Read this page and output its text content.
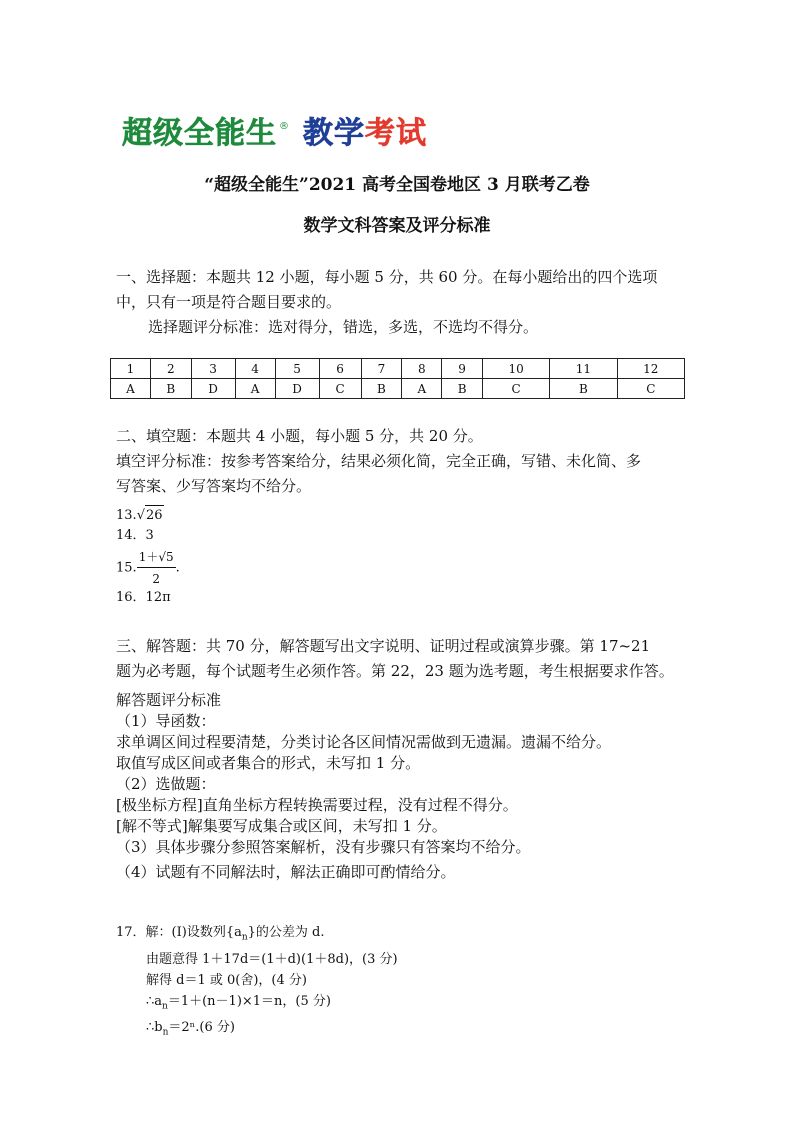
超级全能生 ® 教学考试
“超级全能生”2021 高考全国卷地区 3 月联考乙卷
数学文科答案及评分标准
一、选择题：本题共 12 小题，每小题 5 分，共 60 分。在每小题给出的四个选项
中，只有一项是符合题目要求的。
选择题评分标准：选对得分，错选，多选，不选均不得分。
1	2	3	4	5	6	7	8	9	10	11	12
A	B	D	A	D	C	B	A	B	C	B	C
二、填空题：本题共 4 小题，每小题 5 分，共 20 分。
填空评分标准：按参考答案给分，结果必须化简，完全正确，写错、未化简、多
写答案、少写答案均不给分。
13.√26
14．3
15. $\frac{1+√5}{2}$ .
16．12π
三、解答题：共 70 分，解答题写出文字说明、证明过程或演算步骤。第 17~21
题为必考题，每个试题考生必须作答。第 22，23 题为选考题，考生根据要求作答。
解答题评分标准
（1）导函数：
求单调区间过程要清楚，分类讨论各区间情况需做到无遗漏。遗漏不给分。
取值写成区间或者集合的形式，未写扣 1 分。
（2）选做题：
[极坐标方程]直角坐标方程转换需要过程，没有过程不得分。
[解不等式]解集要写成集合或区间，未写扣 1 分。
（3）具体步骤分参照答案解析，没有步骤只有答案均不给分。
（4）试题有不同解法时，解法正确即可酌情给分。
17．解：(Ⅰ)设数列$\{a_n\}$的公差为 d.
由题意得 1＋17d＝(1＋d)(1＋8d)，(3 分)
解得 d＝1 或 0(舍)，(4 分)
$\therefore a_n=1+(n-1)\times 1=n$，(5 分)
$\therefore b_n=2^n.(6$ 分)
